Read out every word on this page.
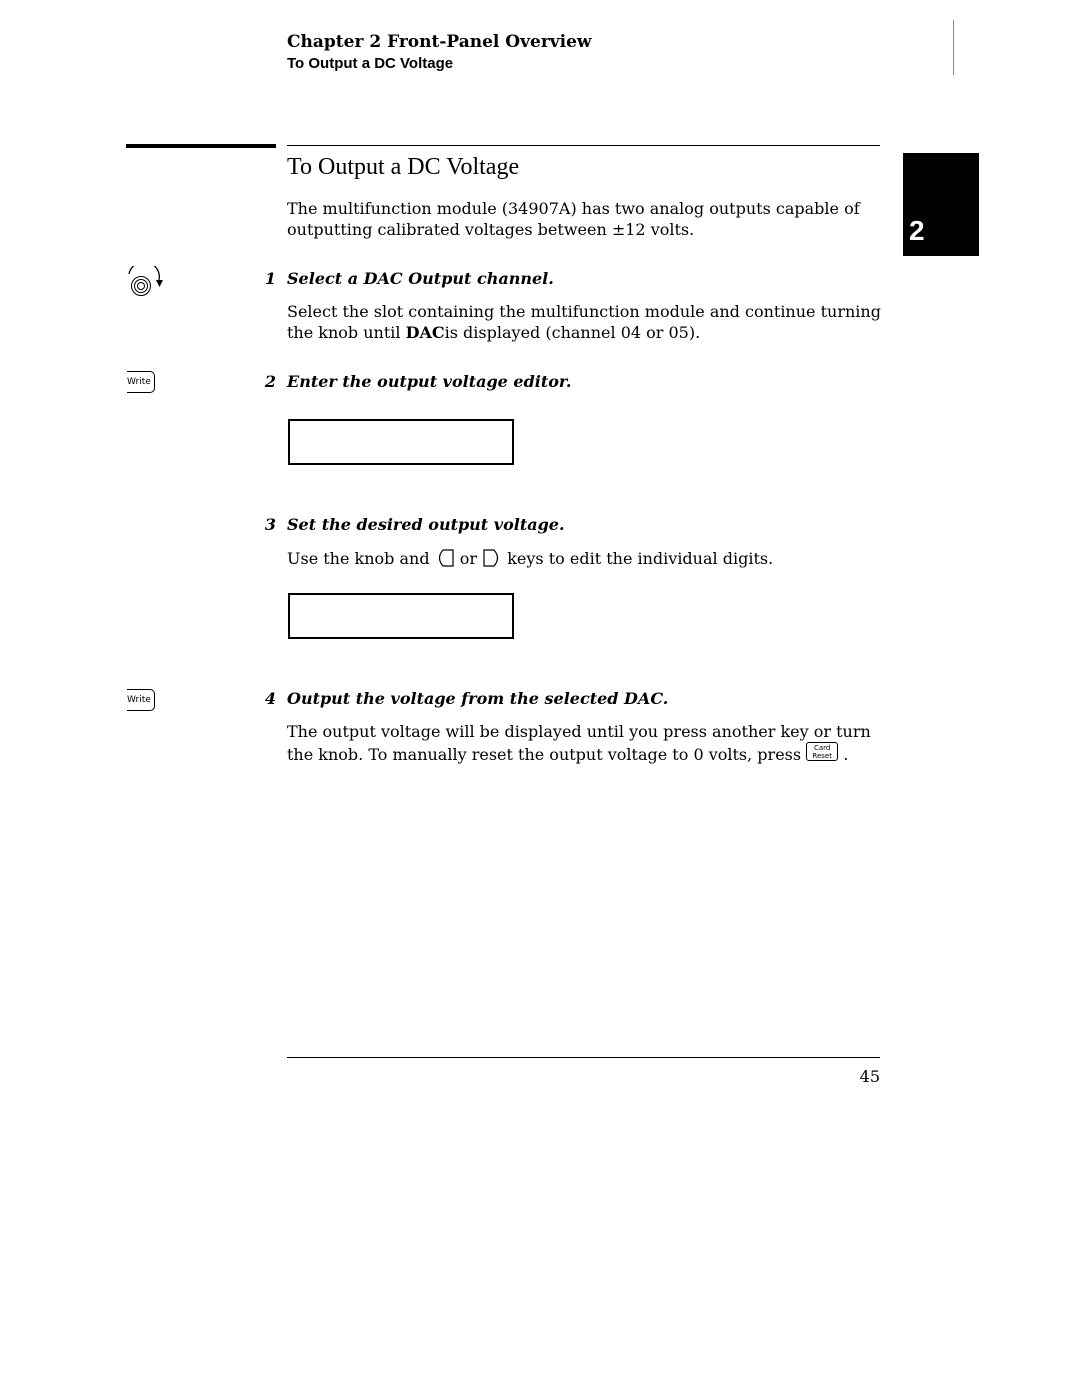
Chapter 2 Front-Panel Overview
To Output a DC Voltage
2
To Output a DC Voltage
The multifunction module (34907A) has two analog outputs capable of outputting calibrated voltages between ±12 volts.
1 Select a DAC Output channel.
Select the slot containing the multifunction module and continue turning the knob until DACis displayed (channel 04 or 05).
Write	2 Enter the output voltage editor.
3 Set the desired output voltage.
Use the knob and  or  keys to edit the individual digits.
Write	4 Output the voltage from the selected DAC.
The output voltage will be displayed until you press another key or turn the knob. To manually reset the output voltage to 0 volts, press Card
Reset .
45
